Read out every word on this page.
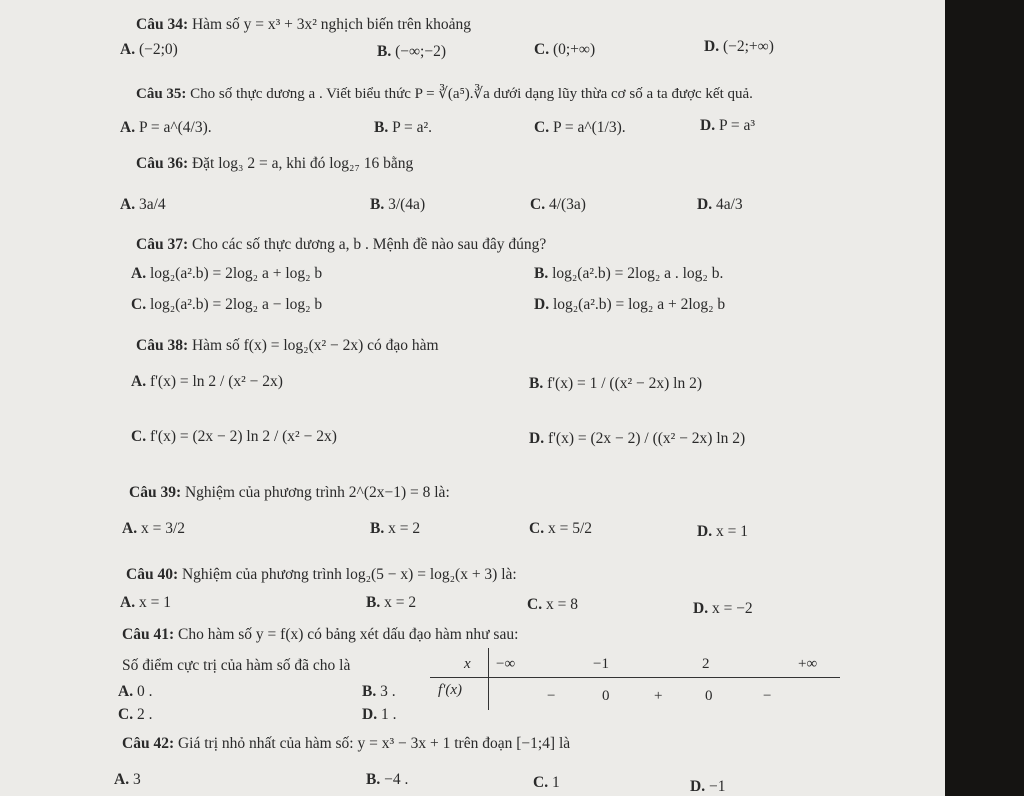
Câu 34: Hàm số y = x³ + 3x² nghịch biến trên khoảng
A. (−2;0)	B. (−∞;−2)	C. (0;+∞)	D. (−2;+∞)
Câu 35: Cho số thực dương a . Viết biểu thức P = ∛(a⁵).∛a dưới dạng lũy thừa cơ số a ta được kết quả.
A. P = a^(4/3).	B. P = a².	C. P = a^(1/3).	D. P = a³
Câu 36: Đặt log₃ 2 = a, khi đó log₂₇ 16 bằng
A. 3a/4	B. 3/(4a)	C. 4/(3a)	D. 4a/3
Câu 37: Cho các số thực dương a, b . Mệnh đề nào sau đây đúng?
A. log₂(a².b) = 2log₂ a + log₂ b	B. log₂(a².b) = 2log₂ a . log₂ b.
C. log₂(a².b) = 2log₂ a − log₂ b	D. log₂(a².b) = log₂ a + 2log₂ b
Câu 38: Hàm số f(x) = log₂(x² − 2x) có đạo hàm
A. f'(x) = ln 2 / (x² − 2x)	B. f'(x) = 1 / ((x² − 2x) ln 2)
C. f'(x) = (2x − 2) ln 2 / (x² − 2x)	D. f'(x) = (2x − 2) / ((x² − 2x) ln 2)
Câu 39: Nghiệm của phương trình 2^(2x−1) = 8 là:
A. x = 3/2	B. x = 2	C. x = 5/2	D. x = 1
Câu 40: Nghiệm của phương trình log₂(5 − x) = log₂(x + 3) là:
A. x = 1	B. x = 2	C. x = 8	D. x = −2
Câu 41: Cho hàm số y = f(x) có bảng xét dấu đạo hàm như sau:
Số điểm cực trị của hàm số đã cho là
A. 0 .	B. 3 .
C. 2 .	D. 1 .
x −∞	−1	2	+∞
f'(x)	−	0	+	0	−
Câu 42: Giá trị nhỏ nhất của hàm số: y = x³ − 3x + 1 trên đoạn [−1;4] là
A. 3	B. −4 .	C. 1	D. −1
